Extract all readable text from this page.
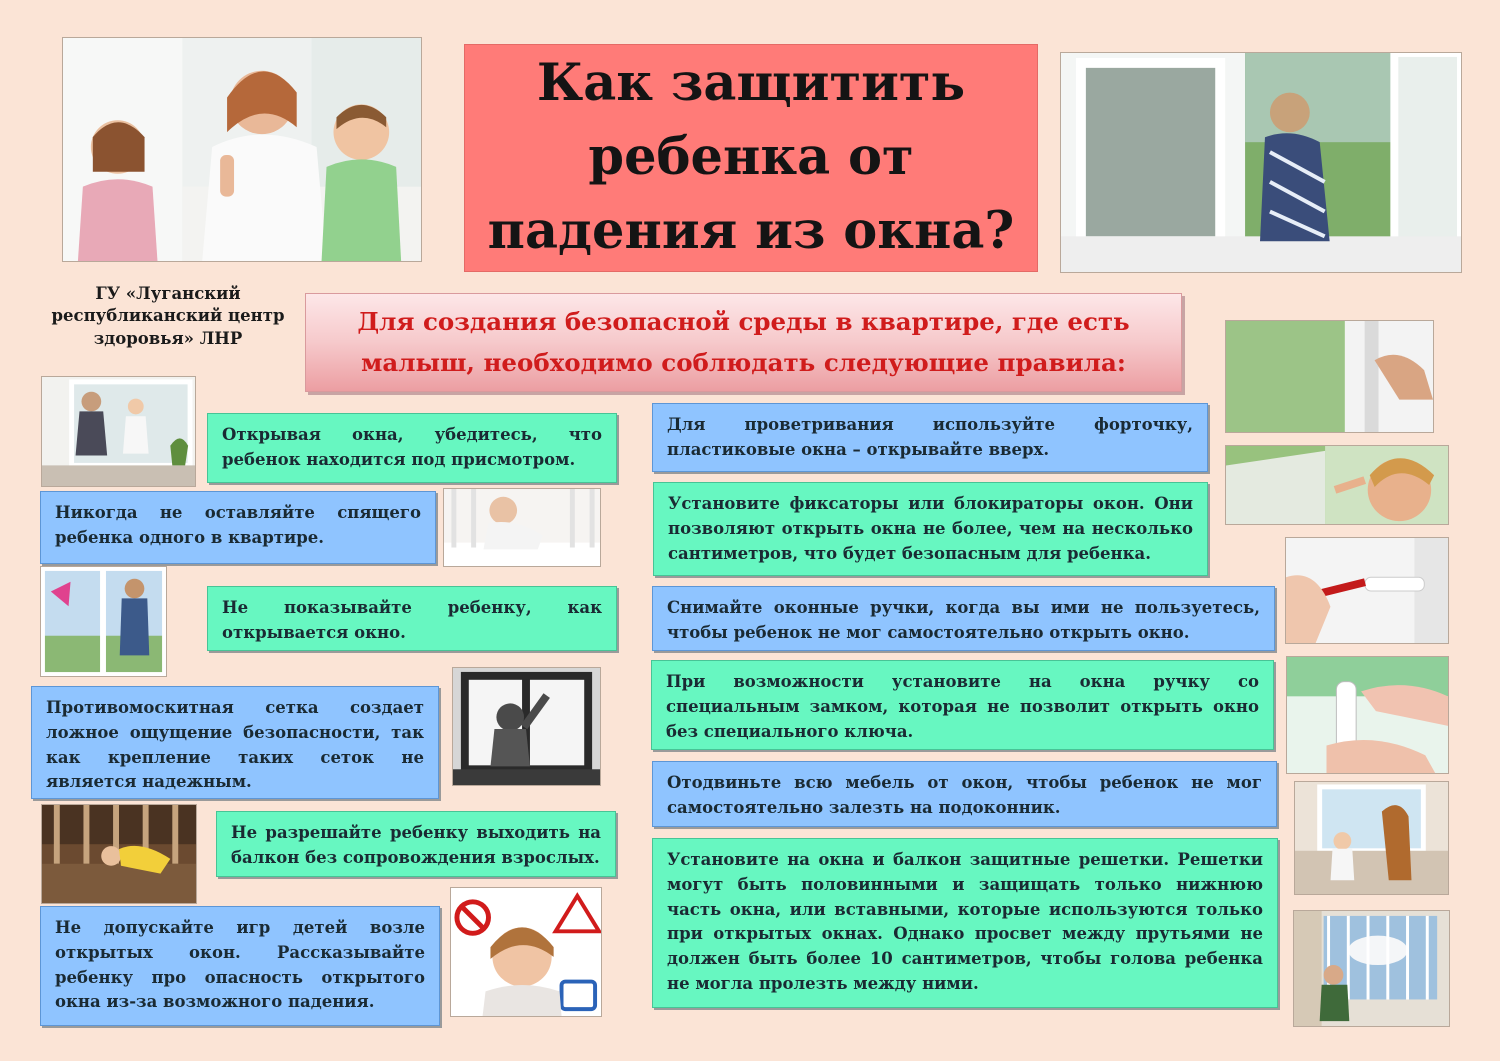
Как защитить ребенка от падения из окна?
ГУ «Луганский республиканский центр здоровья» ЛНР
Для создания безопасной среды в квартире, где есть малыш, необходимо соблюдать следующие правила:
Открывая окна, убедитесь, что ребенок находится под присмотром.
Никогда не оставляйте спящего ребенка одного в квартире.
Не показывайте ребенку, как открывается окно.
Противомоскитная сетка создает ложное ощущение безопасности, так как крепление таких сеток не является надежным.
Не разрешайте ребенку выходить на балкон без сопровождения взрослых.
Не допускайте игр детей возле открытых окон. Рассказывайте ребенку про опасность открытого окна из-за возможного падения.
Для проветривания используйте форточку, пластиковые окна – открывайте вверх.
Установите фиксаторы или блокираторы окон. Они позволяют открыть окна не более, чем на несколько сантиметров, что будет безопасным для ребенка.
Снимайте оконные ручки, когда вы ими не пользуетесь, чтобы ребенок не мог самостоятельно открыть окно.
При возможности установите на окна ручку со специальным замком, которая не позволит открыть окно без специального ключа.
Отодвиньте всю мебель от окон, чтобы ребенок не мог самостоятельно залезть на подоконник.
Установите на окна и балкон защитные решетки. Решетки могут быть половинными и защищать только нижнюю часть окна, или вставными, которые используются только при открытых окнах. Однако просвет между прутьями не должен быть более 10 сантиметров, чтобы голова ребенка не могла пролезть между ними.
